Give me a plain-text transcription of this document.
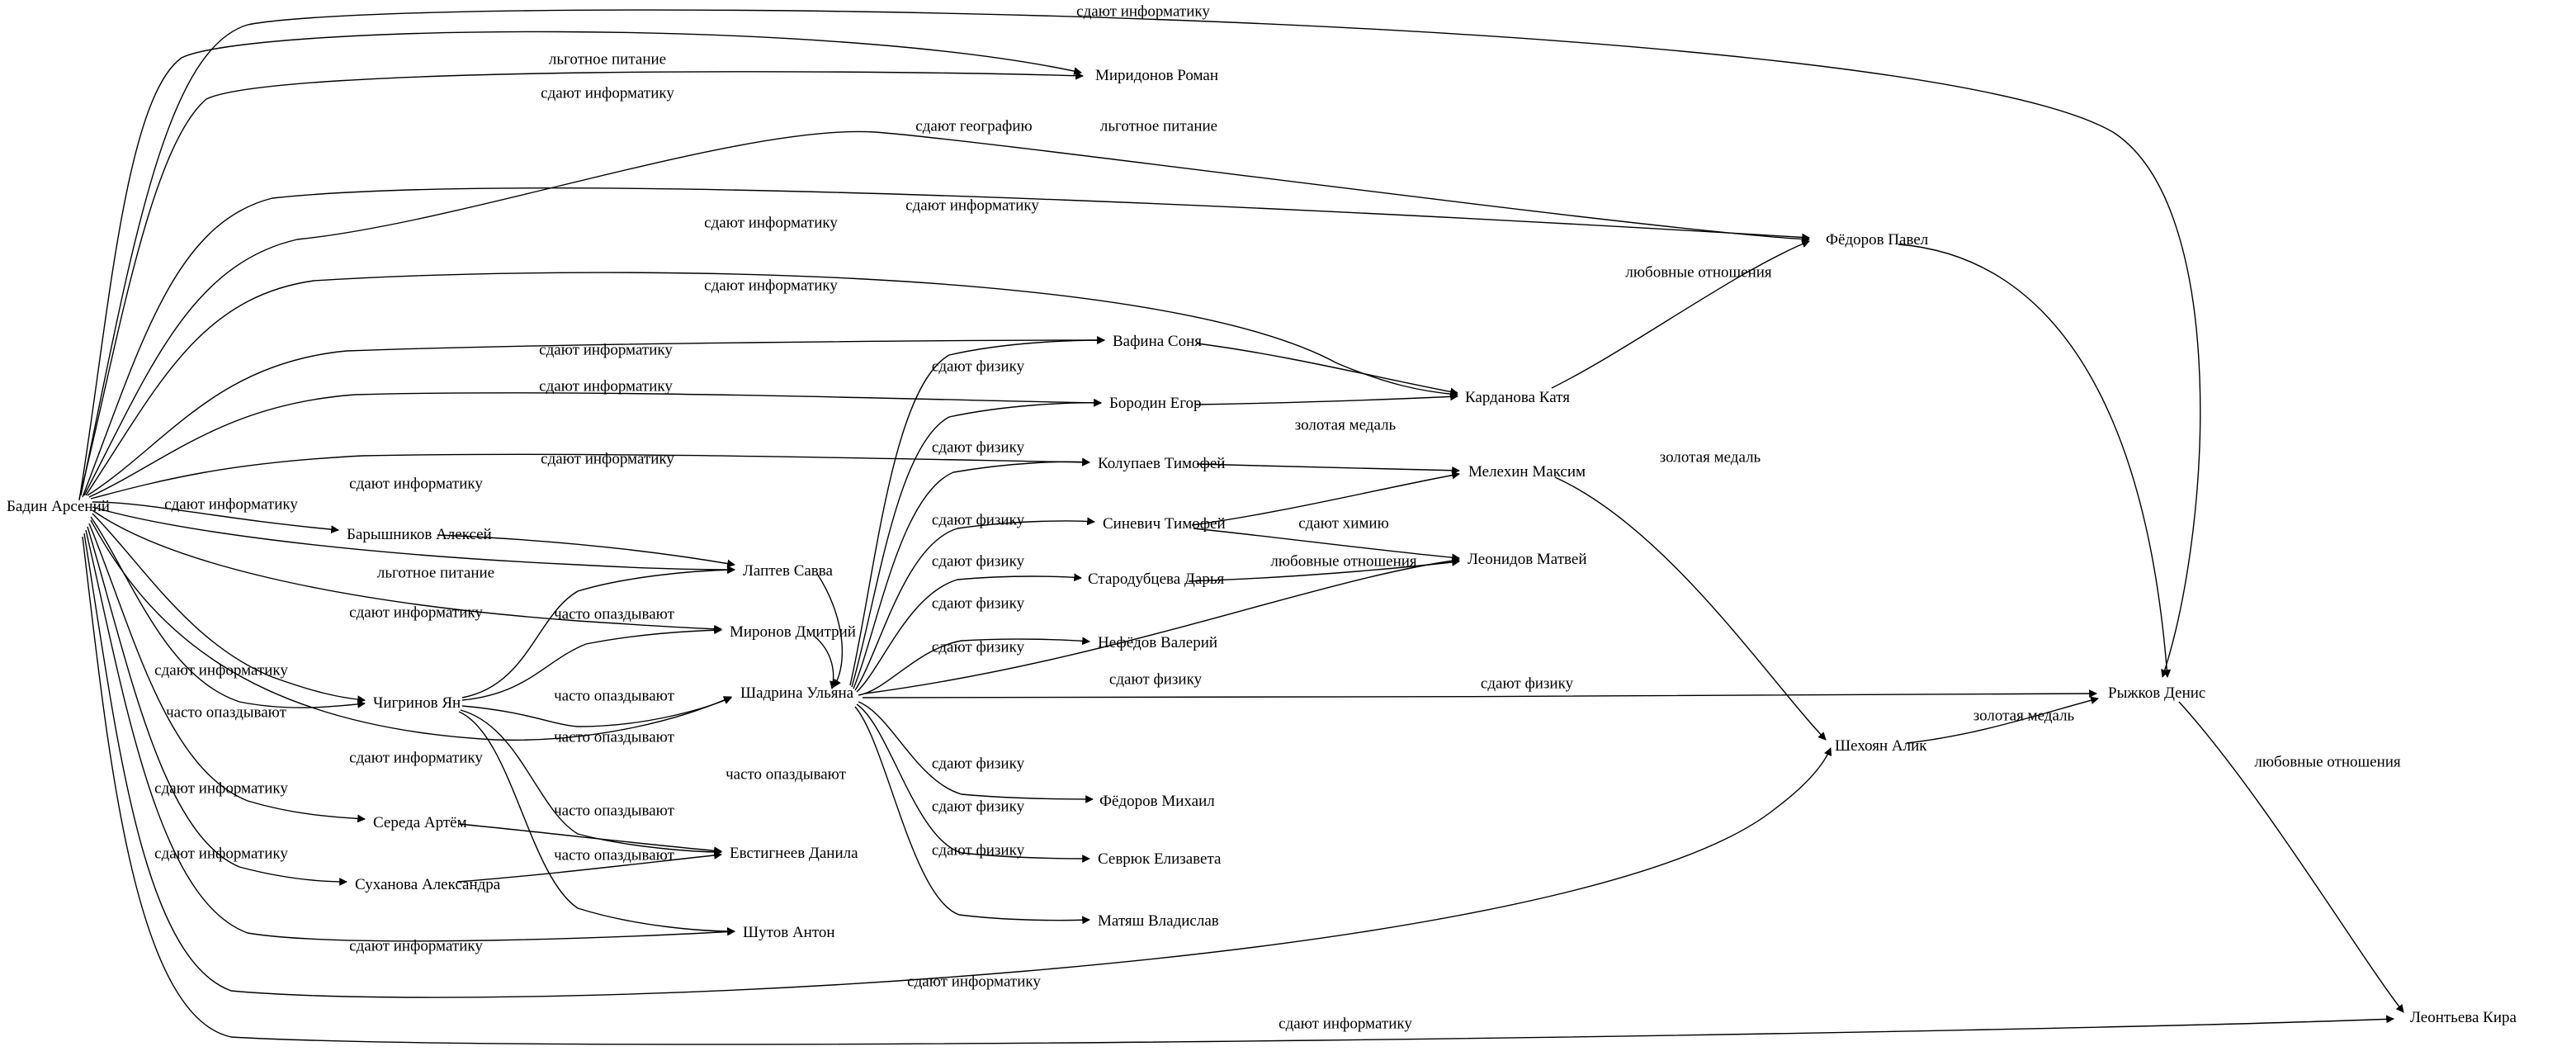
Бадин Арсений
Миридонов Роман
Фёдоров Павел
Вафина Соня
Бородин Егор	Карданова Катя
Колупаев Тимофей	Мелехин Максим
Барышников Алексей
Синевич Тимофей
Леонидов Матвей
Лаптев Савва	Стародубцева Дарья
Миронов Дмитрий
Нефёдов Валерий
Чигринов Ян
Шадрина Ульяна	Рыжков Денис
Шехоян Алик
Середа Артём
Фёдоров Михаил
Евстигнеев Данила	Севрюк Елизавета
Суханова Александра
Матяш Владислав
Шутов Антон
Леонтьева Кира
сдают информатику
льготное питание
сдают информатику
сдают географию	льготное питание
сдают информатику
сдают информатику
любовные отношения
сдают информатику
сдают информатику
сдают физику
сдают информатику
золотая медаль
золотая медаль
сдают физику
сдают информатику
сдают информатику
сдают информатику
сдают физику	сдают химию
льготное питание
сдают физику	любовные отношения
сдают информатику	часто опаздывают
сдают физику
сдают физику
сдают информатику
часто опаздывают
сдают физику	сдают физику
часто опаздывают
часто опаздывают
золотая медаль
сдают информатику
часто опаздывают
сдают физику	любовные отношения
сдают информатику
часто опаздывают	сдают физику
сдают информатику	часто опаздывают	сдают физику
сдают информатику
сдают информатику
сдают информатику
